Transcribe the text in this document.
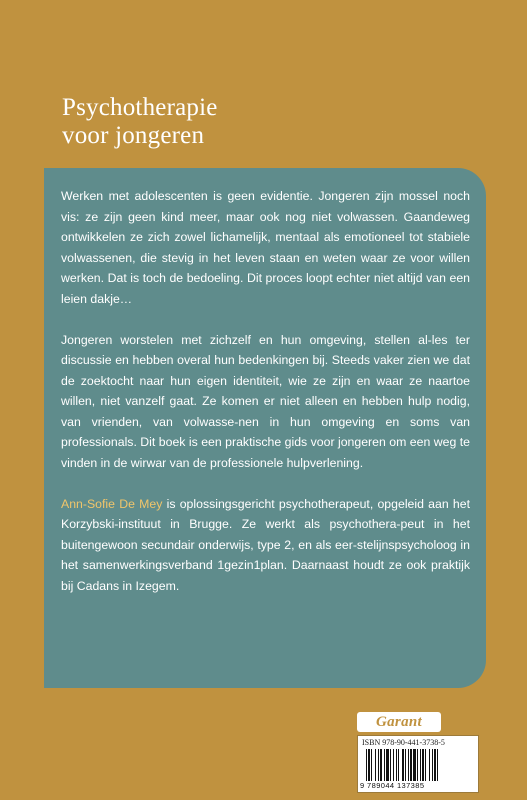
Psychotherapie
voor jongeren

Werken met adolescenten is geen evidentie. Jongeren zijn mossel noch vis: ze zijn geen kind meer, maar ook nog niet volwassen. Gaandeweg ontwikkelen ze zich zowel lichamelijk, mentaal als emotioneel tot stabiele volwassenen, die stevig in het leven staan en weten waar ze voor willen werken. Dat is toch de bedoeling. Dit proces loopt echter niet altijd van een leien dakje…

Jongeren worstelen met zichzelf en hun omgeving, stellen al-les ter discussie en hebben overal hun bedenkingen bij. Steeds vaker zien we dat de zoektocht naar hun eigen identiteit, wie ze zijn en waar ze naartoe willen, niet vanzelf gaat. Ze komen er niet alleen en hebben hulp nodig, van vrienden, van volwasse-nen in hun omgeving en soms van professionals. Dit boek is een praktische gids voor jongeren om een weg te vinden in de wirwar van de professionele hulpverlening.

Ann-Sofie De Mey is oplossingsgericht psychotherapeut, opgeleid aan het Korzybski-instituut in Brugge. Ze werkt als psychothera-peut in het buitengewoon secundair onderwijs, type 2, en als eer-stelijnspsycholoog in het samenwerkingsverband 1gezin1plan. Daarnaast houdt ze ook praktijk bij Cadans in Izegem.

Garant
ISBN 978-90-441-3738-5
9 789044 137385
